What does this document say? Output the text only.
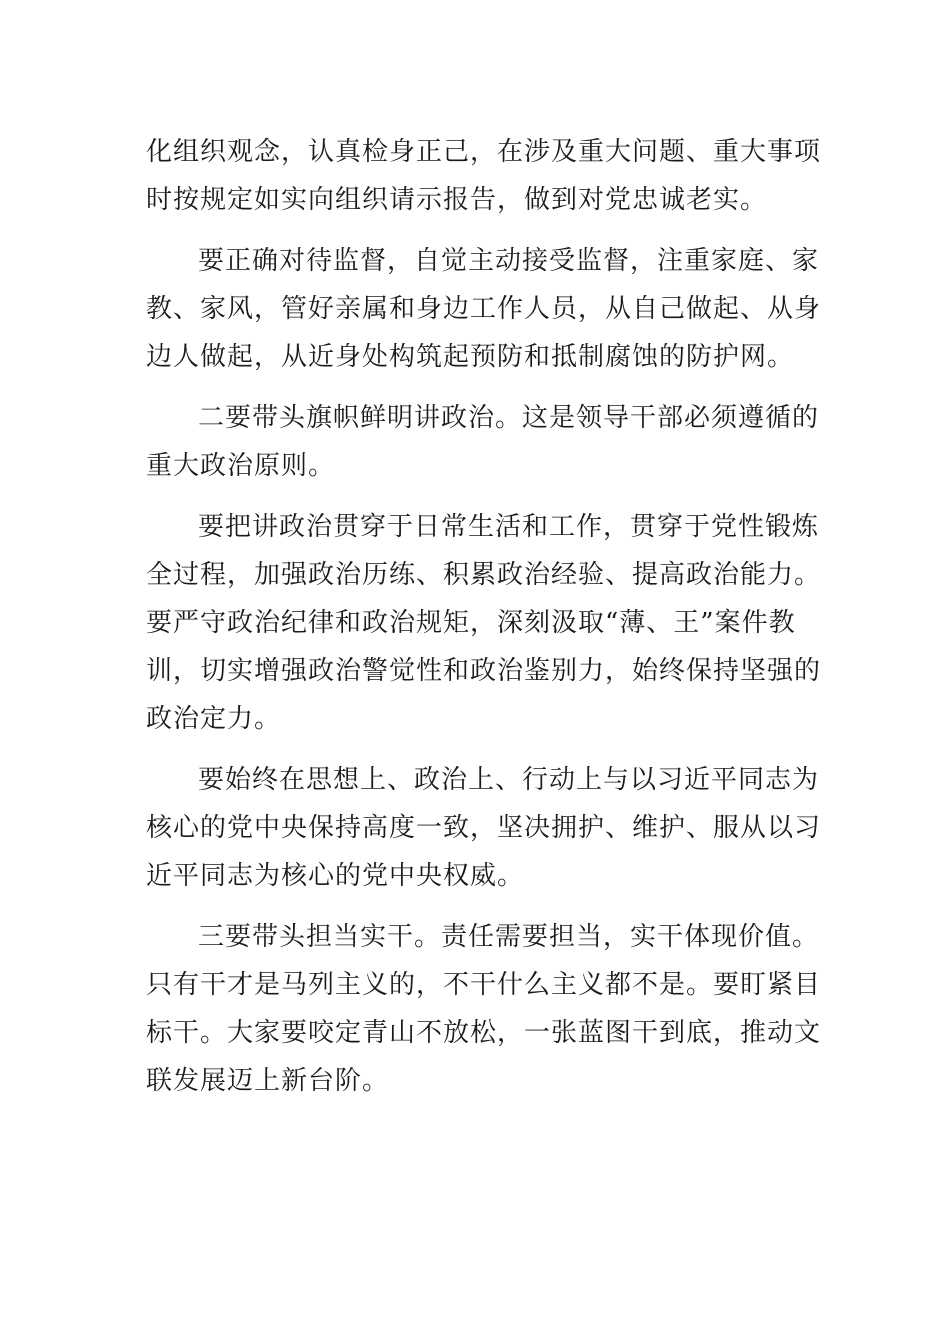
化组织观念，认真检身正己，在涉及重大问题、重大事项
时按规定如实向组织请示报告，做到对党忠诚老实。
要正确对待监督，自觉主动接受监督，注重家庭、家
教、家风，管好亲属和身边工作人员，从自己做起、从身
边人做起，从近身处构筑起预防和抵制腐蚀的防护网。
二要带头旗帜鲜明讲政治。这是领导干部必须遵循的
重大政治原则。
要把讲政治贯穿于日常生活和工作，贯穿于党性锻炼
全过程，加强政治历练、积累政治经验、提高政治能力。
要严守政治纪律和政治规矩，深刻汲取“薄、王”案件教
训，切实增强政治警觉性和政治鉴别力，始终保持坚强的
政治定力。
要始终在思想上、政治上、行动上与以习近平同志为
核心的党中央保持高度一致，坚决拥护、维护、服从以习
近平同志为核心的党中央权威。
三要带头担当实干。责任需要担当，实干体现价值。
只有干才是马列主义的，不干什么主义都不是。要盯紧目
标干。大家要咬定青山不放松，一张蓝图干到底，推动文
联发展迈上新台阶。
